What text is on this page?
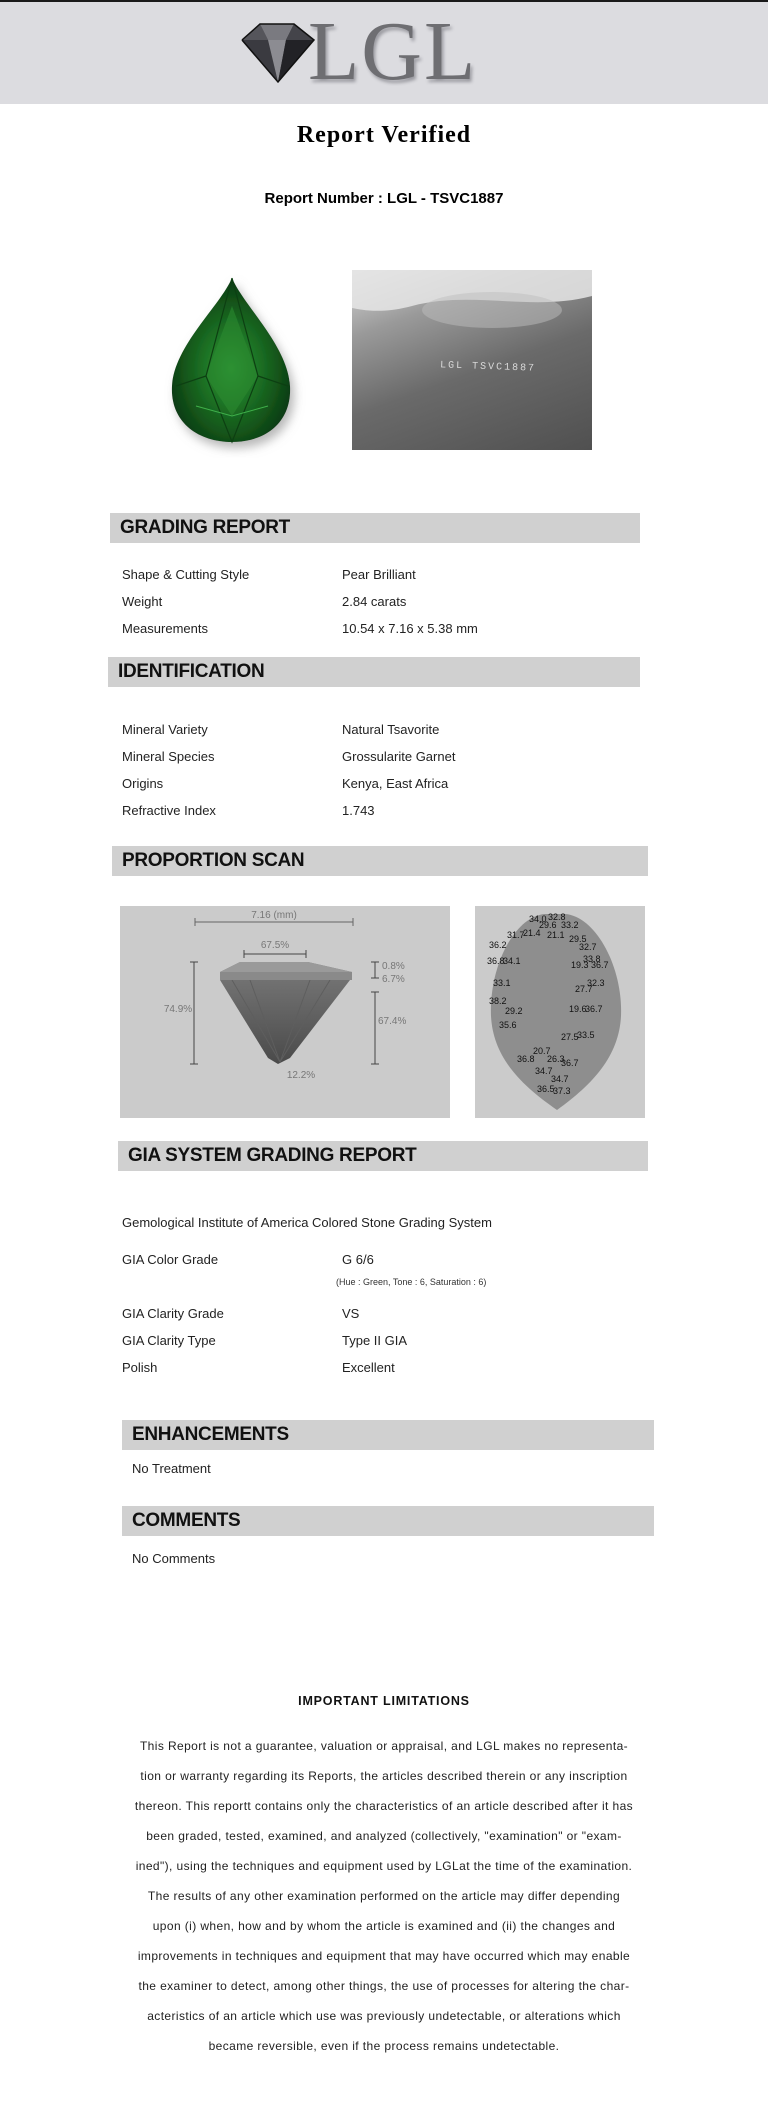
LGL
Report Verified
Report Number : LGL - TSVC1887
LGL TSVC1887
GRADING REPORT
Shape & Cutting Style	Pear Brilliant
Weight	2.84 carats
Measurements	10.54 x 7.16 x 5.38 mm
IDENTIFICATION
Mineral Variety	Natural Tsavorite
Mineral Species	Grossularite Garnet
Origins	Kenya, East Africa
Refractive Index	1.743
PROPORTION SCAN
7.16 (mm)
67.5%
74.9%
0.8%
6.7%
67.4%
12.2%
34.0 32.8
29.6 33.2
36.2
31.7
21.4 21.1 29.5
32.7
36.8
34.1	33.8
19.3 36.7
33.1	32.3
27.7
38.2
29.2	19.6
36.7
35.6
27.5
33.5
20.7
36.8 26.3
34.7
36.7
34.7
36.5
37.3
GIA SYSTEM GRADING REPORT
Gemological Institute of America Colored Stone Grading System
GIA Color Grade	G 6/6
(Hue : Green, Tone : 6, Saturation : 6)
GIA Clarity Grade	VS
GIA Clarity Type	Type II GIA
Polish	Excellent
ENHANCEMENTS
No Treatment
COMMENTS
No Comments
IMPORTANT LIMITATIONS
This Report is not a guarantee, valuation or appraisal, and LGL makes no representa-
tion or warranty regarding its Reports, the articles described therein or any inscription
thereon. This reportt contains only the characteristics of an article described after it has
been graded, tested, examined, and analyzed (collectively, "examination" or "exam-
ined"), using the techniques and equipment used by LGLat the time of the examination.
The results of any other examination performed on the article may differ depending
upon (i) when, how and by whom the article is examined and (ii) the changes and
improvements in techniques and equipment that may have occurred which may enable
the examiner to detect, among other things, the use of processes for altering the char-
acteristics of an article which use was previously undetectable, or alterations which
became reversible, even if the process remains undetectable.
